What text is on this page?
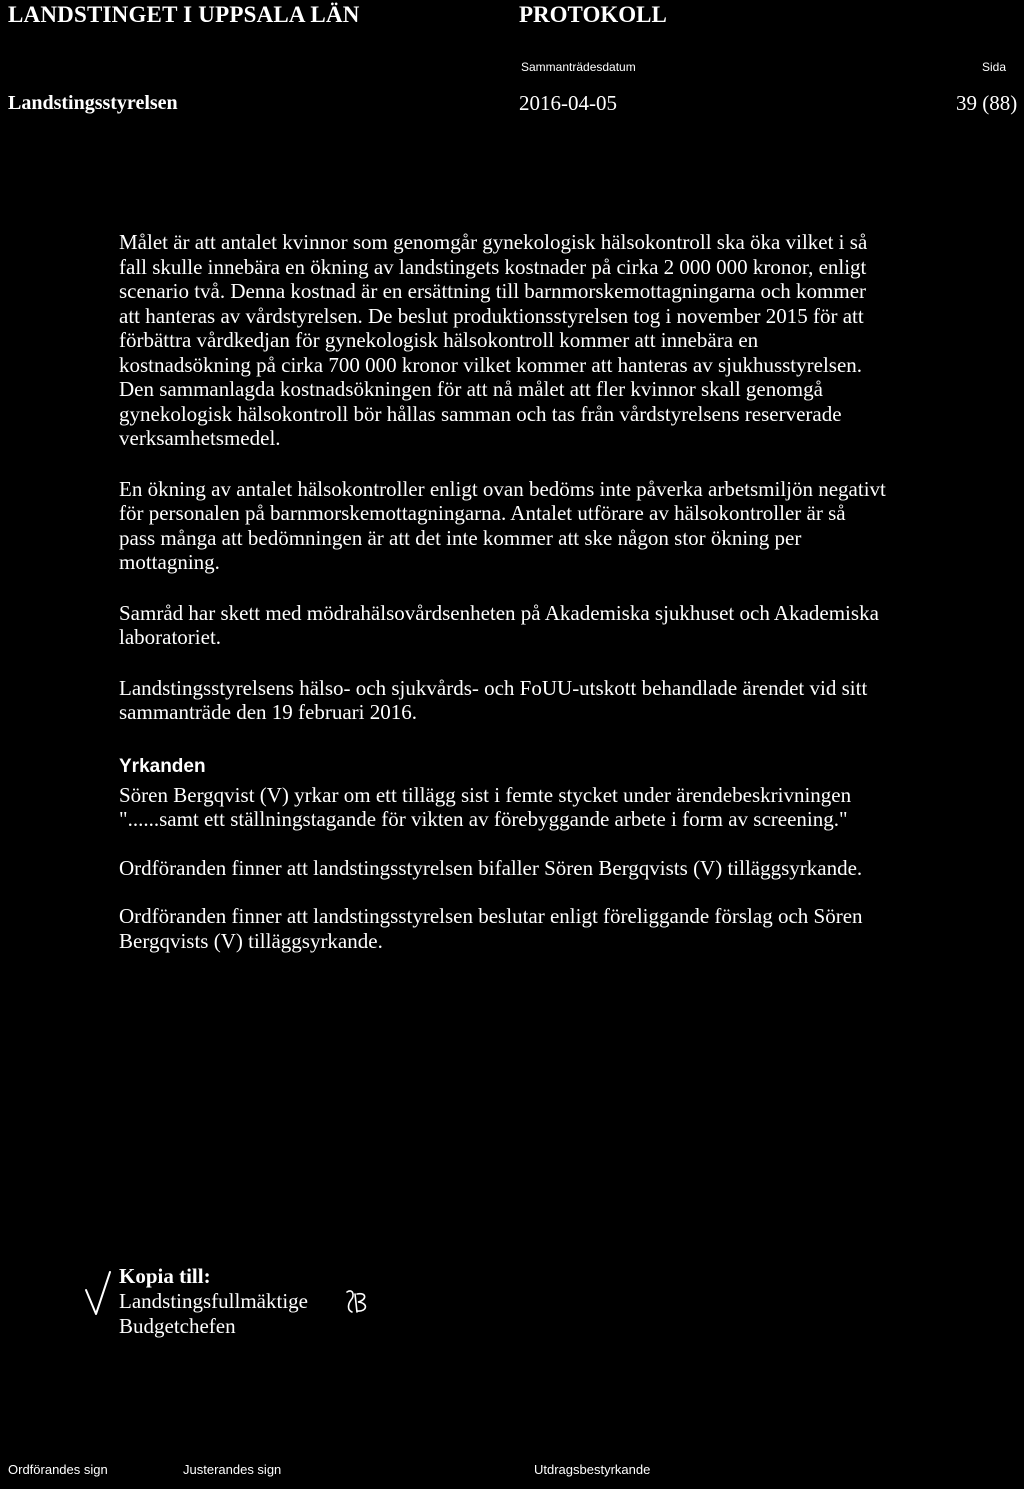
LANDSTINGET I UPPSALA LÄN	PROTOKOLL
Sammanträdesdatum	Sida
Landstingsstyrelsen	2016-04-05	39 (88)

Målet är att antalet kvinnor som genomgår gynekologisk hälsokontroll ska öka vilket i så
fall skulle innebära en ökning av landstingets kostnader på cirka 2 000 000 kronor, enligt
scenario två. Denna kostnad är en ersättning till barnmorskemottagningarna och kommer
att hanteras av vårdstyrelsen. De beslut produktionsstyrelsen tog i november 2015 för att
förbättra vårdkedjan för gynekologisk hälsokontroll kommer att innebära en
kostnadsökning på cirka 700 000 kronor vilket kommer att hanteras av sjukhusstyrelsen.
Den sammanlagda kostnadsökningen för att nå målet att fler kvinnor skall genomgå
gynekologisk hälsokontroll bör hållas samman och tas från vårdstyrelsens reserverade
verksamhetsmedel.

En ökning av antalet hälsokontroller enligt ovan bedöms inte påverka arbetsmiljön negativt
för personalen på barnmorskemottagningarna. Antalet utförare av hälsokontroller är så
pass många att bedömningen är att det inte kommer att ske någon stor ökning per
mottagning.

Samråd har skett med mödrahälsovårdsenheten på Akademiska sjukhuset och Akademiska
laboratoriet.

Landstingsstyrelsens hälso- och sjukvårds- och FoUU-utskott behandlade ärendet vid sitt
sammanträde den 19 februari 2016.

Yrkanden

Sören Bergqvist (V) yrkar om ett tillägg sist i femte stycket under ärendebeskrivningen
"......samt ett ställningstagande för vikten av förebyggande arbete i form av screening."

Ordföranden finner att landstingsstyrelsen bifaller Sören Bergqvists (V) tilläggsyrkande.

Ordföranden finner att landstingsstyrelsen beslutar enligt föreliggande förslag och Sören
Bergqvists (V) tilläggsyrkande.

Kopia till:
Landstingsfullmäktige
Budgetchefen
Ordförandes sign	Justerandes sign	Utdragsbestyrkande
